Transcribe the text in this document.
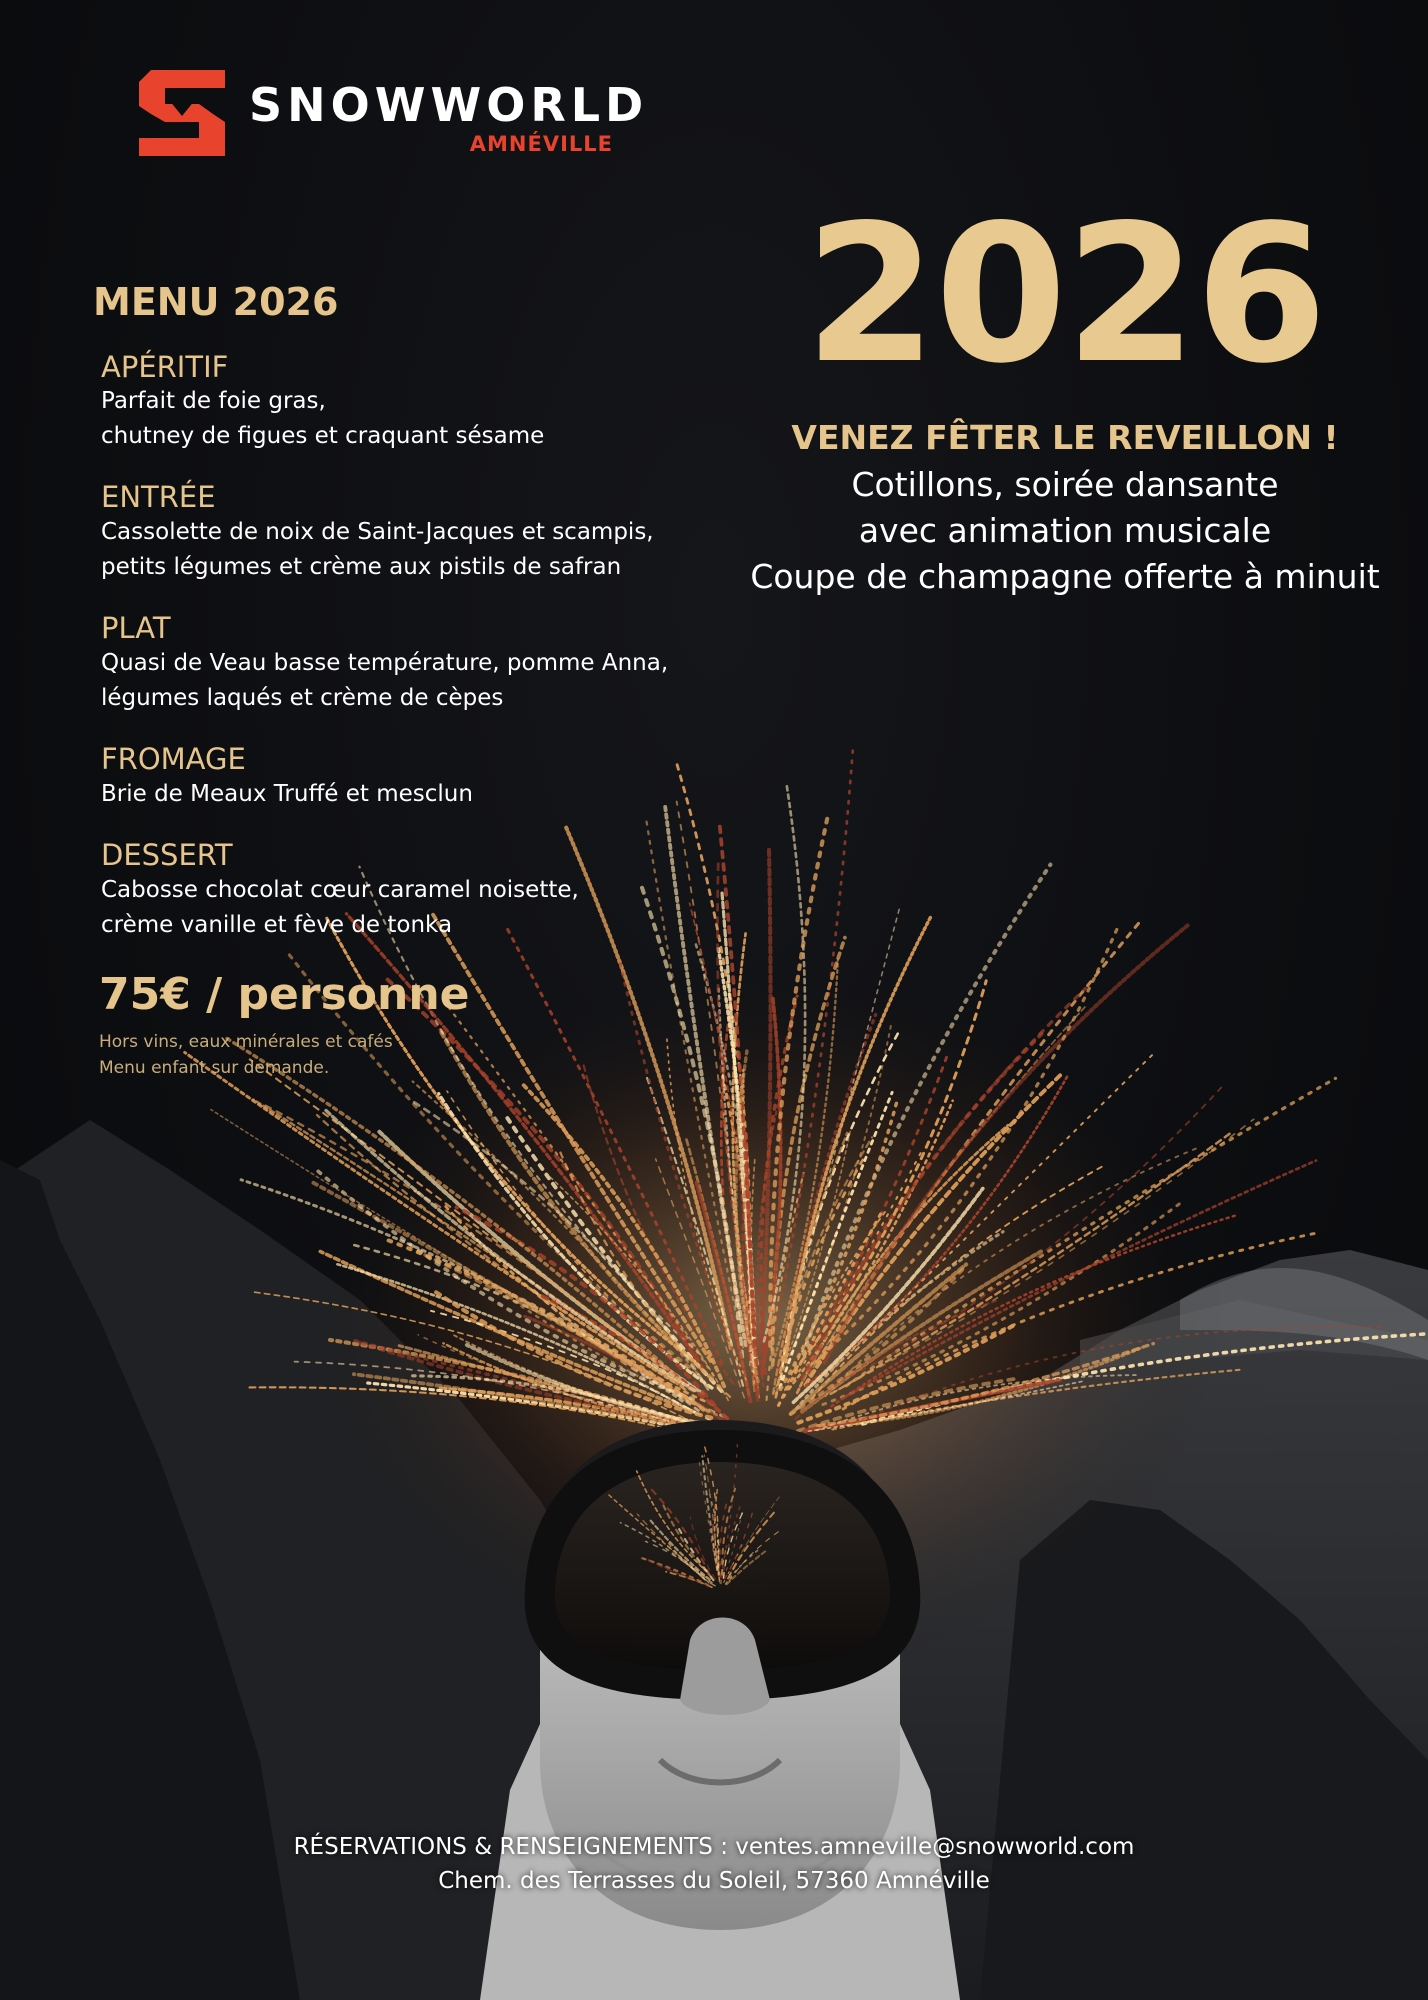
SNOWWORLD
AMNÉVILLE
MENU 2026
APÉRITIF
Parfait de foie gras,
chutney de figues et craquant sésame
ENTRÉE
Cassolette de noix de Saint-Jacques et scampis,
petits légumes et crème aux pistils de safran
PLAT
Quasi de Veau basse température, pomme Anna,
légumes laqués et crème de cèpes
FROMAGE
Brie de Meaux Truffé et mesclun
DESSERT
Cabosse chocolat cœur caramel noisette,
crème vanille et fève de tonka
75€ / personne
Hors vins, eaux minérales et cafés
Menu enfant sur demande.
2026
VENEZ FÊTER LE REVEILLON !
Cotillons, soirée dansante
avec animation musicale
Coupe de champagne offerte à minuit
RÉSERVATIONS & RENSEIGNEMENTS : ventes.amneville@snowworld.com
Chem. des Terrasses du Soleil, 57360 Amnéville
